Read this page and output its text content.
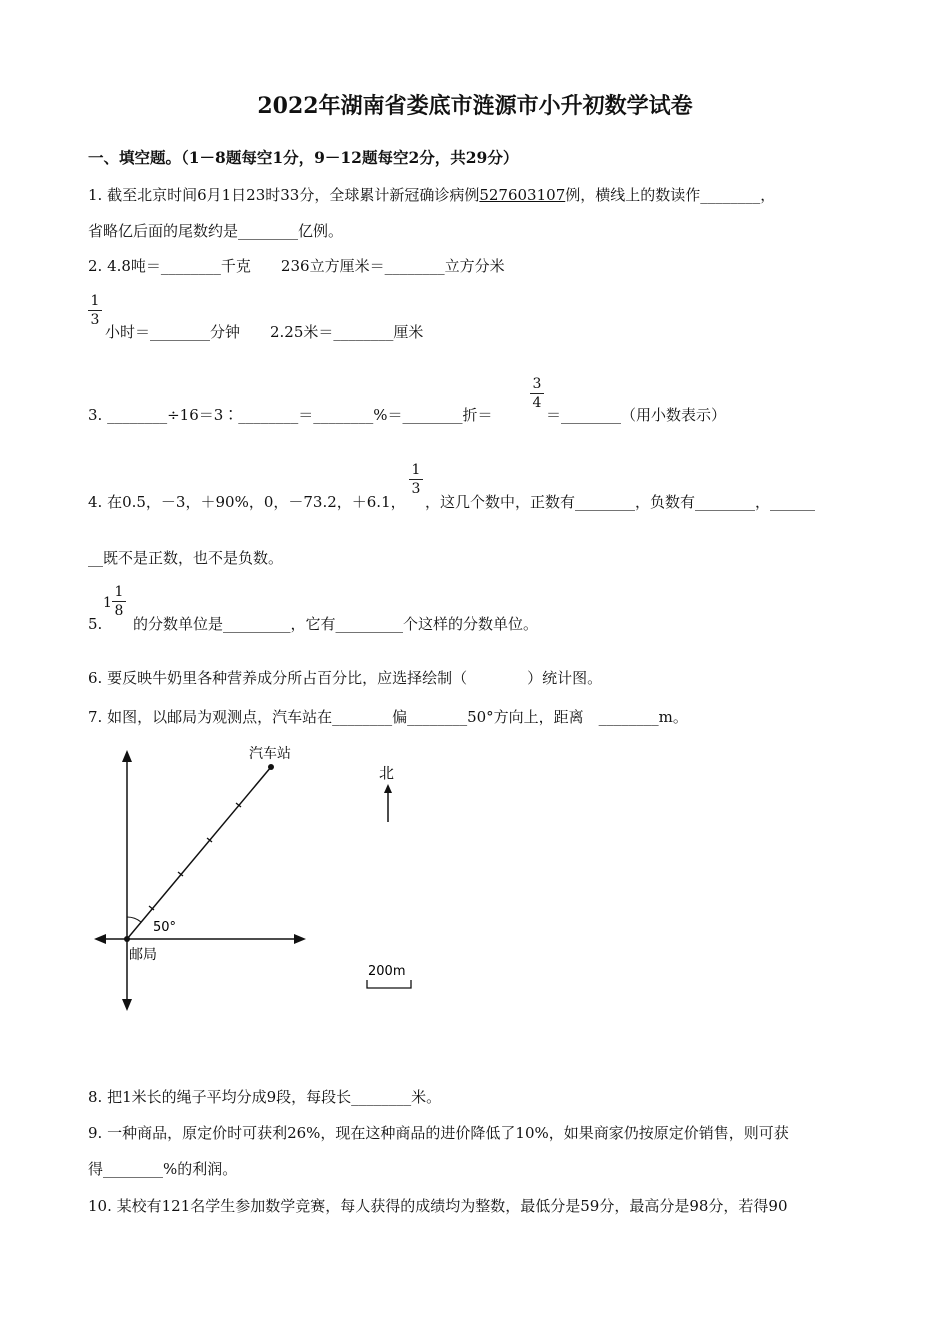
2022年湖南省娄底市涟源市小升初数学试卷
一、填空题。（1－8题每空1分，9－12题每空2分，共29分）
1. 截至北京时间6月1日23时33分，全球累计新冠确诊病例527603107例，横线上的数读作________，
省略亿后面的尾数约是________亿例。
2. 4.8吨＝________千克　　236立方厘米＝________立方分米
$\frac{1}{3}$
小时＝________分钟　　2.25米＝________厘米
3. ________÷16＝3∶________＝________%＝________折＝
$\frac{3}{4}$
＝________（用小数表示）
4. 在0.5，－3，＋90%，0，－73.2，＋6.1，
$\frac{1}{3}$
，这几个数中，正数有________，负数有________，______
__既不是正数，也不是负数。
5.
$1 \frac{1}{8}$
的分数单位是_________，它有_________个这样的分数单位。
6. 要反映牛奶里各种营养成分所占百分比，应选择绘制（　　　　）统计图。
7. 如图，以邮局为观测点，汽车站在________偏________50°方向上，距离　________m。
汽车站
邮局
50°
北
200m
8. 把1米长的绳子平均分成9段，每段长________米。
9. 一种商品，原定价时可获利26%，现在这种商品的进价降低了10%，如果商家仍按原定价销售，则可获
得________%的利润。
10. 某校有121名学生参加数学竞赛，每人获得的成绩均为整数，最低分是59分，最高分是98分，若得90
